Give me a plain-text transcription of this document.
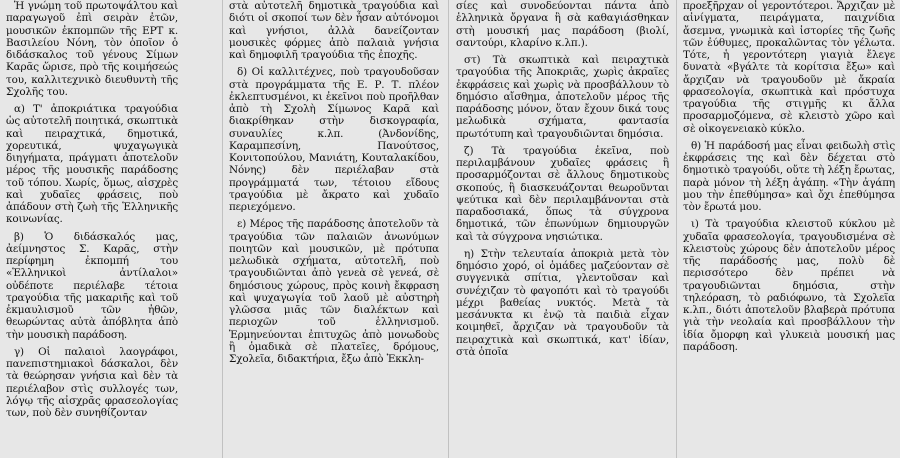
Ἡ γνώμη τοῦ πρωτοψάλτου καὶ παραγωγοῦ ἐπὶ σειρὰν ἐτῶν, μουσικῶν ἐκπομπῶν τῆς ΕΡΤ κ. Βασιλείου Νόνη, τὸν ὁποῖον ὁ διδάσκαλος τοῦ γένους Σίμων Καρᾶς ὥρισε, πρὸ τῆς κοιμήσεώς του, καλλιτεχνικὸ διευθυντὴ τῆς Σχολῆς του.

α) Τ' ἀποκριάτικα τραγούδια ὡς αὐτοτελῆ ποιητικά, σκωπτικὰ καὶ πειραχτικά, δημοτικά, χορευτικά, ψυχαγωγικὰ διηγήματα, πράγματι ἀποτελοῦν μέρος τῆς μουσικῆς παράδοσης τοῦ τόπου. Χωρίς, ὅμως, αἰσχρὲς καὶ χυδαῖες φράσεις, ποὺ ἀπάδουν στὴ ζωὴ τῆς Ἑλληνικῆς κοινωνίας.

β) Ὁ διδάσκαλός μας, ἀείμνηστος Σ. Καρᾶς, στὴν περίφημη ἐκπομπή του «Ἑλληνικοὶ ἀντίλαλοι» οὐδέποτε περιέλαβε τέτοια τραγούδια τῆς μακαριῆς καὶ τοῦ ἐκμαυλισμοῦ τῶν ἠθῶν, θεωρώντας αὐτὰ ἀπόβλητα ἀπὸ τὴν μουσικὴ παράδοση.

γ) Οἱ παλαιοὶ λαογράφοι, πανεπιστημιακοὶ δάσκαλοι, δὲν τὰ θεώρησαν γνήσια καὶ δὲν τὰ περιέλαβον στὶς συλλογές των, λόγῳ τῆς αἰσχρᾶς φρασεολογίας των, ποὺ δὲν συνηθίζονταν

στὰ αὐτοτελῆ δημοτικὰ τραγούδια καὶ διότι οἱ σκοποί των δὲν ἦσαν αὐτόνομοι καὶ γνήσιοι, ἀλλὰ δανείζονταν μουσικὲς φόρμες ἀπὸ παλαιὰ γνήσια καὶ δημοφιλῆ τραγούδια τῆς ἐποχῆς.

δ) Οἱ καλλιτέχνες, ποὺ τραγουδοῦσαν στὰ προγράμματα τῆς Ε. Ρ. Τ. πλέον ἐκλεπτυσμένοι, κι ἐκεῖνοι ποὺ προῆλθαν ἀπὸ τὴ Σχολὴ Σίμωνος Καρᾶ καὶ διακρίθηκαν στὴν δισκογραφία, συναυλίες κ.λπ. (Ἀνδονίδης, Καραμπεσίνη, Πανούτσος, Κονιτοπούλου, Μανιάτη, Κουταλακίδου, Νόνης) δὲν περιέλαβαν στὰ προγράμματά των, τέτοιου εἴδους τραγούδια μὲ ἄκρατο καὶ χυδαῖο περιεχόμενο.

ε) Μέρος τῆς παράδοσης ἀποτελοῦν τὰ τραγούδια τῶν παλαιῶν ἀνωνύμων ποιητῶν καὶ μουσικῶν, μὲ πρότυπα μελωδικὰ σχήματα, αὐτοτελῆ, ποὺ τραγουδιῶνται ἀπὸ γενεὰ σὲ γενεά, σὲ δημόσιους χώρους, πρὸς κοινὴ ἔκφραση καὶ ψυχαγωγία τοῦ λαοῦ μὲ αὐστηρὴ γλῶσσα μιᾶς τῶν διαλέκτων καὶ περιοχῶν τοῦ ἑλληνισμοῦ. Ἑρμηνεύονται ἐπιτυχῶς ἀπὸ μονωδοὺς ἢ ὁμαδικὰ σὲ πλατεῖες, δρόμους, Σχολεῖα, διδακτήρια, ἔξω ἀπὸ Ἐκκλη-

σίες καὶ συνοδεύονται πάντα ἀπὸ ἑλληνικὰ ὄργανα ἢ σὰ καθαγιάσθηκαν στὴ μουσική μας παράδοση (βιολί, σαντούρι, κλαρίνο κ.λπ.).

στ) Τὰ σκωπτικὰ καὶ πειραχτικὰ τραγούδια τῆς Ἀποκριᾶς, χωρὶς ἀκραῖες ἐκφράσεις καὶ χωρὶς νὰ προσβάλλουν τὸ δημόσιο αἴσθημα, ἀποτελοῦν μέρος τῆς παράδοσης μόνον, ὅταν ἔχουν δικά τους μελωδικὰ σχήματα, φαντασία πρωτότυπη καὶ τραγουδιῶνται δημόσια.

ζ) Τὰ τραγούδια ἐκεῖνα, ποὺ περιλαμβάνουν χυδαῖες φράσεις ἢ προσαρμόζονται σὲ ἄλλους δημοτικοὺς σκοπούς, ἢ διασκευάζονται θεωροῦνται ψεύτικα καὶ δὲν περιλαμβάνονται στὰ παραδοσιακά, ὅπως τὰ σύγχρονα δημοτικά, τῶν ἐπωνύμων δημιουργῶν καὶ τὰ σύγχρονα νησιώτικα.

η) Στὴν τελευταία ἀποκριὰ μετὰ τὸν δημόσιο χορό, οἱ ὁμάδες μαζεύονταν σὲ συγγενικὰ σπίτια, γλεντοῦσαν καὶ συνέχιζαν τὸ φαγοπότι καὶ τὸ τραγούδι μέχρι βαθείας νυκτός. Μετὰ τὰ μεσάνυκτα κι ἐνῷ τὰ παιδιὰ εἶχαν κοιμηθεῖ, ἄρχιζαν νὰ τραγουδοῦν τὰ πειραχτικὰ καὶ σκωπτικά, κατ' ἰδίαν, στὰ ὁποῖα

προεξῆρχαν οἱ γεροντότεροι. Ἄρχιζαν μὲ αἰνίγματα, πειράγματα, παιχνίδια ἄσεμνα, γνωμικὰ καὶ ἱστορίες τῆς ζωῆς τῶν ἐύθυμες, προκαλῶντας τὸν γέλωτα. Τότε, ἡ γεροντότερη γιαγιὰ ἔλεγε δυνατὰ «βγάλτε τὰ κορίτσια ἔξω» καὶ ἄρχιζαν νὰ τραγουδοῦν μὲ ἄκραία φρασεολογία, σκωπτικὰ καὶ πρόστυχα τραγούδια τῆς στιγμῆς κι ἄλλα προσαρμοζόμενα, σὲ κλειστὸ χῶρο καὶ σὲ οἰκογενειακὸ κύκλο.

θ) Ἡ παράδοσή μας εἶναι φειδωλὴ στὶς ἐκφράσεις της καὶ δὲν δέχεται στὸ δημοτικὸ τραγούδι, οὔτε τὴ λέξη ἔρωτας, παρὰ μόνον τὴ λέξη ἀγάπη. «Τὴν ἀγάπη μου τὴν ἐπεθύμησα» καὶ ὄχι ἐπεθύμησα τὸν ἔρωτά μου.

ι) Τὰ τραγούδια κλειστοῦ κύκλου μὲ χυδαῖα φρασεολογία, τραγουδισμένα σὲ κλειστοὺς χώρους δὲν ἀποτελοῦν μέρος τῆς παράδοσής μας, πολὺ δὲ περισσότερο δὲν πρέπει νὰ τραγουδιῶνται δημόσια, στὴν τηλεόραση, τὸ ραδιόφωνο, τὰ Σχολεῖα κ.λπ., διότι ἀποτελοῦν βλαβερὰ πρότυπα γιὰ τὴν νεολαία καὶ προσβάλλουν τὴν ἰδία ὄμορφη καὶ γλυκειὰ μουσική μας παράδοση.
